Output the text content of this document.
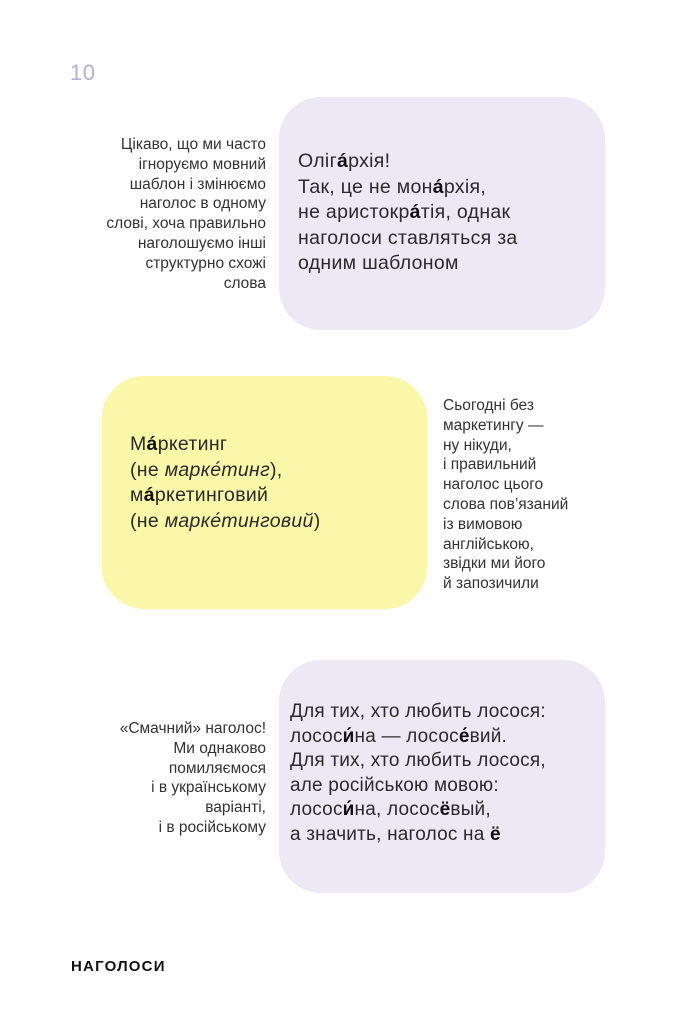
10
Олігáрхія!
Так, це не монáрхія,
не аристокрáтія, однак
наголоси ставляться за
одним шаблоном
Цікаво, що ми часто
ігноруємо мовний
шаблон і змінюємо
наголос в одному
слові, хоча правильно
наголошуємо інші
структурно схожі
слова
Мáркетинг
(не марке́тинг),
мáркетинговий
(не марке́тинговий)
Сьогодні без
маркетингу —
ну нікуди,
і правильний
наголос цього
слова пов’язаний
із вимовою
англійською,
звідки ми його
й запозичили
Для тих, хто любить лосося:
лососи́на — лососе́вий.
Для тих, хто любить лосося,
але російською мовою:
лососи́на, лососёвый,
а значить, наголос на ё
«Смачний» наголос!
Ми однаково
помиляємося
і в українському
варіанті,
і в російському
НАГОЛОСИ
